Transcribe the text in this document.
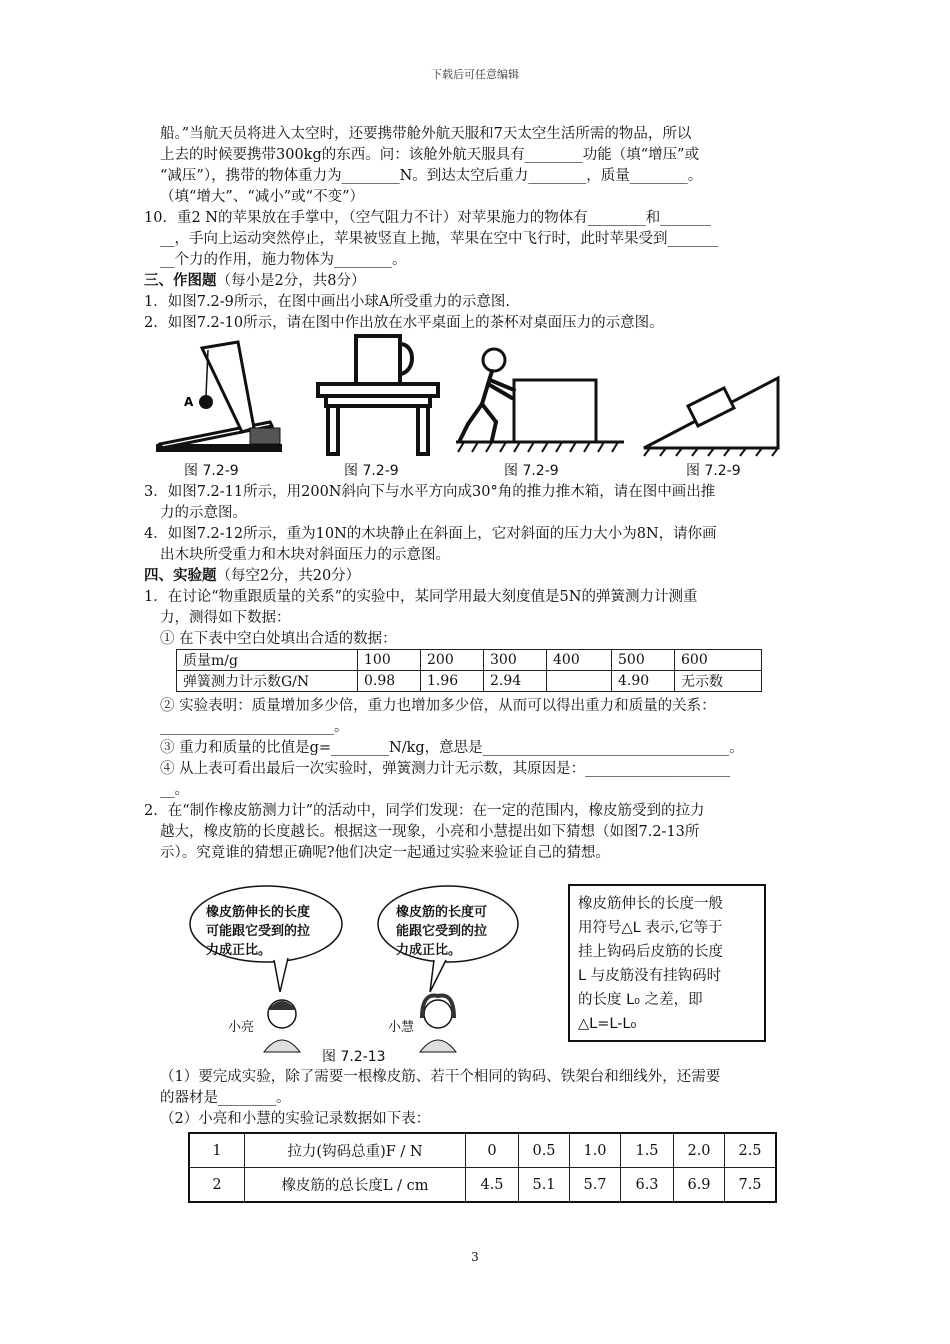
下载后可任意编辑
船。”当航天员将进入太空时，还要携带舱外航天服和7天太空生活所需的物品，所以
上去的时候要携带300kg的东西。问：该舱外航天服具有________功能（填“增压”或
“减压”），携带的物体重力为________N。到达太空后重力________，质量________。
（填“增大”、“减小”或“不变”）
10．重2 N的苹果放在手掌中，（空气阻力不计）对苹果施力的物体有________和_______
__，手向上运动突然停止，苹果被竖直上抛，苹果在空中飞行时，此时苹果受到_______
__个力的作用，施力物体为________。
三、作图题（每小是2分，共8分）
1．如图7.2-9所示，在图中画出小球A所受重力的示意图.
2．如图7.2-10所示，请在图中作出放在水平桌面上的茶杯对桌面压力的示意图。
A
图 7.2-9	图 7.2-9	图 7.2-9	图 7.2-9
3．如图7.2-11所示，用200N斜向下与水平方向成30°角的推力推木箱，请在图中画出推
力的示意图。
4．如图7.2-12所示，重为10N的木块静止在斜面上，它对斜面的压力大小为8N，请你画
出木块所受重力和木块对斜面压力的示意图。
四、实验题（每空2分，共20分）
1．在讨论“物重跟质量的关系”的实验中，某同学用最大刻度值是5N的弹簧测力计测重
力，测得如下数据：
① 在下表中空白处填出合适的数据：
质量m/g	100	200	300	400	500	600
弹簧测力计示数G/N	0.98	1.96	2.94		4.90	无示数
② 实验表明：质量增加多少倍，重力也增加多少倍，从而可以得出重力和质量的关系：
________________________。
③ 重力和质量的比值是g=________N/kg，意思是__________________________________。
④ 从上表可看出最后一次实验时，弹簧测力计无示数，其原因是：____________________
__。
2．在“制作橡皮筋测力计”的活动中，同学们发现：在一定的范围内，橡皮筋受到的拉力
越大，橡皮筋的长度越长。根据这一现象，小亮和小慧提出如下猜想（如图7.2-13所
示）。究竟谁的猜想正确呢?他们决定一起通过实验来验证自己的猜想。
橡皮筋伸长的长度
可能跟它受到的拉
力成正比。
橡皮筋的长度可
能跟它受到的拉
力成正比。
小亮	小慧
橡皮筋伸长的长度一般
用符号△L 表示,它等于
挂上钩码后皮筋的长度
L 与皮筋没有挂钩码时
的长度 L₀ 之差，即
△L=L-L₀
图 7.2-13
（1）要完成实验，除了需要一根橡皮筋、若干个相同的钩码、铁架台和细线外，还需要
的器材是________。
（2）小亮和小慧的实验记录数据如下表：
1	拉力(钩码总重)F / N	0	0.5	1.0	1.5	2.0	2.5
2	橡皮筋的总长度L / cm	4.5	5.1	5.7	6.3	6.9	7.5
3
